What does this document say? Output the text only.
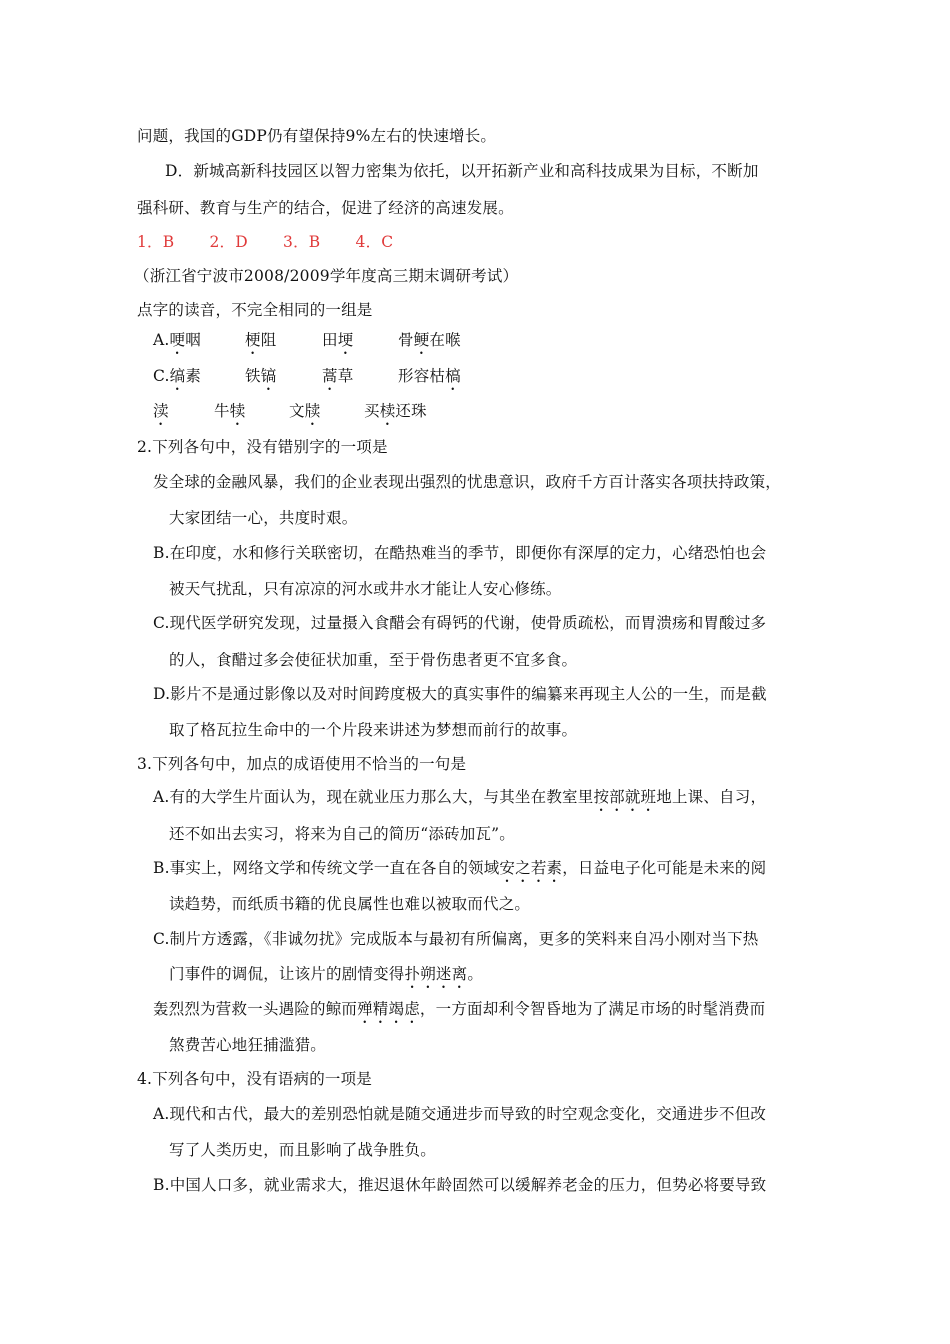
问题，我国的GDP仍有望保持9%左右的快速增长。
D．新城高新科技园区以智力密集为依托，以开拓新产业和高科技成果为目标，不断加
强科研、教育与生产的结合，促进了经济的高速发展。
1．B 2．D 3．B 4．C
（浙江省宁波市2008/2009学年度高三期末调研考试）
点字的读音，不完全相同的一组是
A.哽咽	梗阻	田埂	骨鲠在喉
C.缟素	铁镐	蒿草	形容枯槁
渎	牛犊	文牍	买椟还珠
2.下列各句中，没有错别字的一项是
发全球的金融风暴，我们的企业表现出强烈的忧患意识，政府千方百计落实各项扶持政策，
大家团结一心，共度时艰。
B.在印度，水和修行关联密切，在酷热难当的季节，即便你有深厚的定力，心绪恐怕也会
被天气扰乱，只有凉凉的河水或井水才能让人安心修练。
C.现代医学研究发现，过量摄入食醋会有碍钙的代谢，使骨质疏松，而胃溃疡和胃酸过多
的人，食醋过多会使征状加重，至于骨伤患者更不宜多食。
D.影片不是通过影像以及对时间跨度极大的真实事件的编纂来再现主人公的一生，而是截
取了格瓦拉生命中的一个片段来讲述为梦想而前行的故事。
3.下列各句中，加点的成语使用不恰当的一句是
A.有的大学生片面认为，现在就业压力那么大，与其坐在教室里按部就班地上课、自习，
还不如出去实习，将来为自己的简历“添砖加瓦”。
B.事实上，网络文学和传统文学一直在各自的领域安之若素，日益电子化可能是未来的阅
读趋势，而纸质书籍的优良属性也难以被取而代之。
C.制片方透露，《非诚勿扰》完成版本与最初有所偏离，更多的笑料来自冯小刚对当下热
门事件的调侃，让该片的剧情变得扑朔迷离。
轰烈烈为营救一头遇险的鲸而殚精竭虑，一方面却利令智昏地为了满足市场的时髦消费而
煞费苦心地狂捕滥猎。
4.下列各句中，没有语病的一项是
A.现代和古代，最大的差别恐怕就是随交通进步而导致的时空观念变化，交通进步不但改
写了人类历史，而且影响了战争胜负。
B.中国人口多，就业需求大，推迟退休年龄固然可以缓解养老金的压力，但势必将要导致
